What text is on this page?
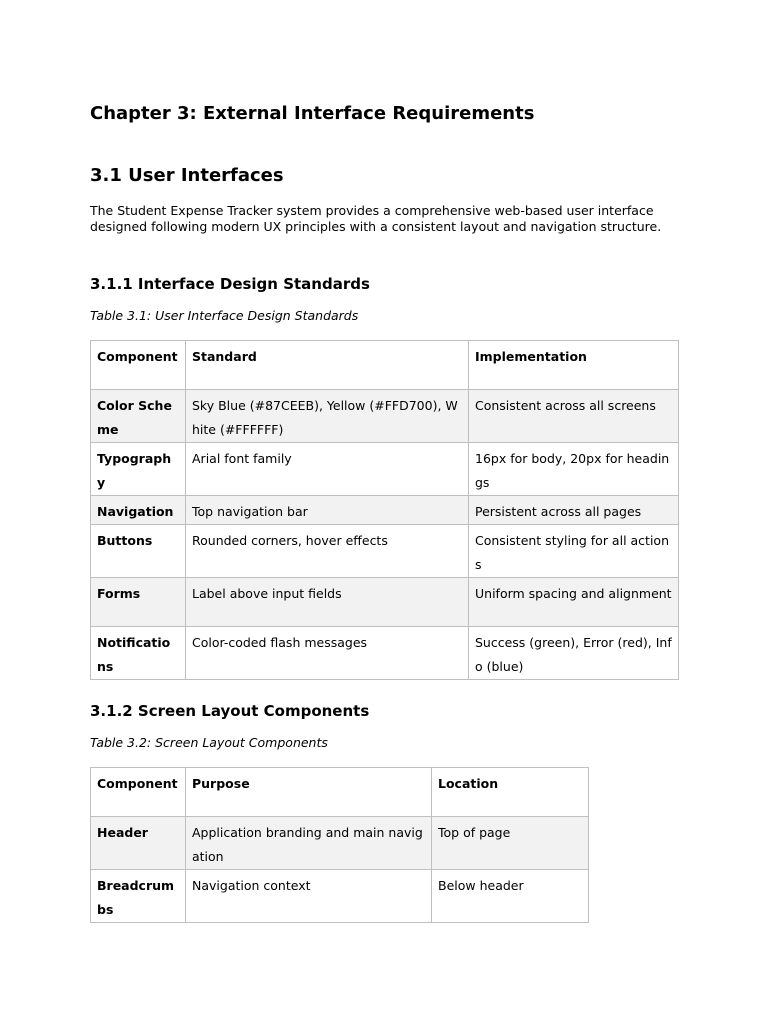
Chapter 3: External Interface Requirements
3.1 User Interfaces
The Student Expense Tracker system provides a comprehensive web-based user interface designed following modern UX principles with a consistent layout and navigation structure.
3.1.1 Interface Design Standards
Table 3.1: User Interface Design Standards
Component	Standard	Implementation
Color Scheme	Sky Blue (#87CEEB), Yellow (#FFD700), White (#FFFFFF)	Consistent across all screens
Typography	Arial font family	16px for body, 20px for headings
Navigation	Top navigation bar	Persistent across all pages
Buttons	Rounded corners, hover effects	Consistent styling for all actions
Forms	Label above input fields	Uniform spacing and alignment
Notifications	Color-coded flash messages	Success (green), Error (red), Info (blue)
3.1.2 Screen Layout Components
Table 3.2: Screen Layout Components
Component	Purpose	Location
Header	Application branding and main navigation	Top of page
Breadcrumbs	Navigation context	Below header
